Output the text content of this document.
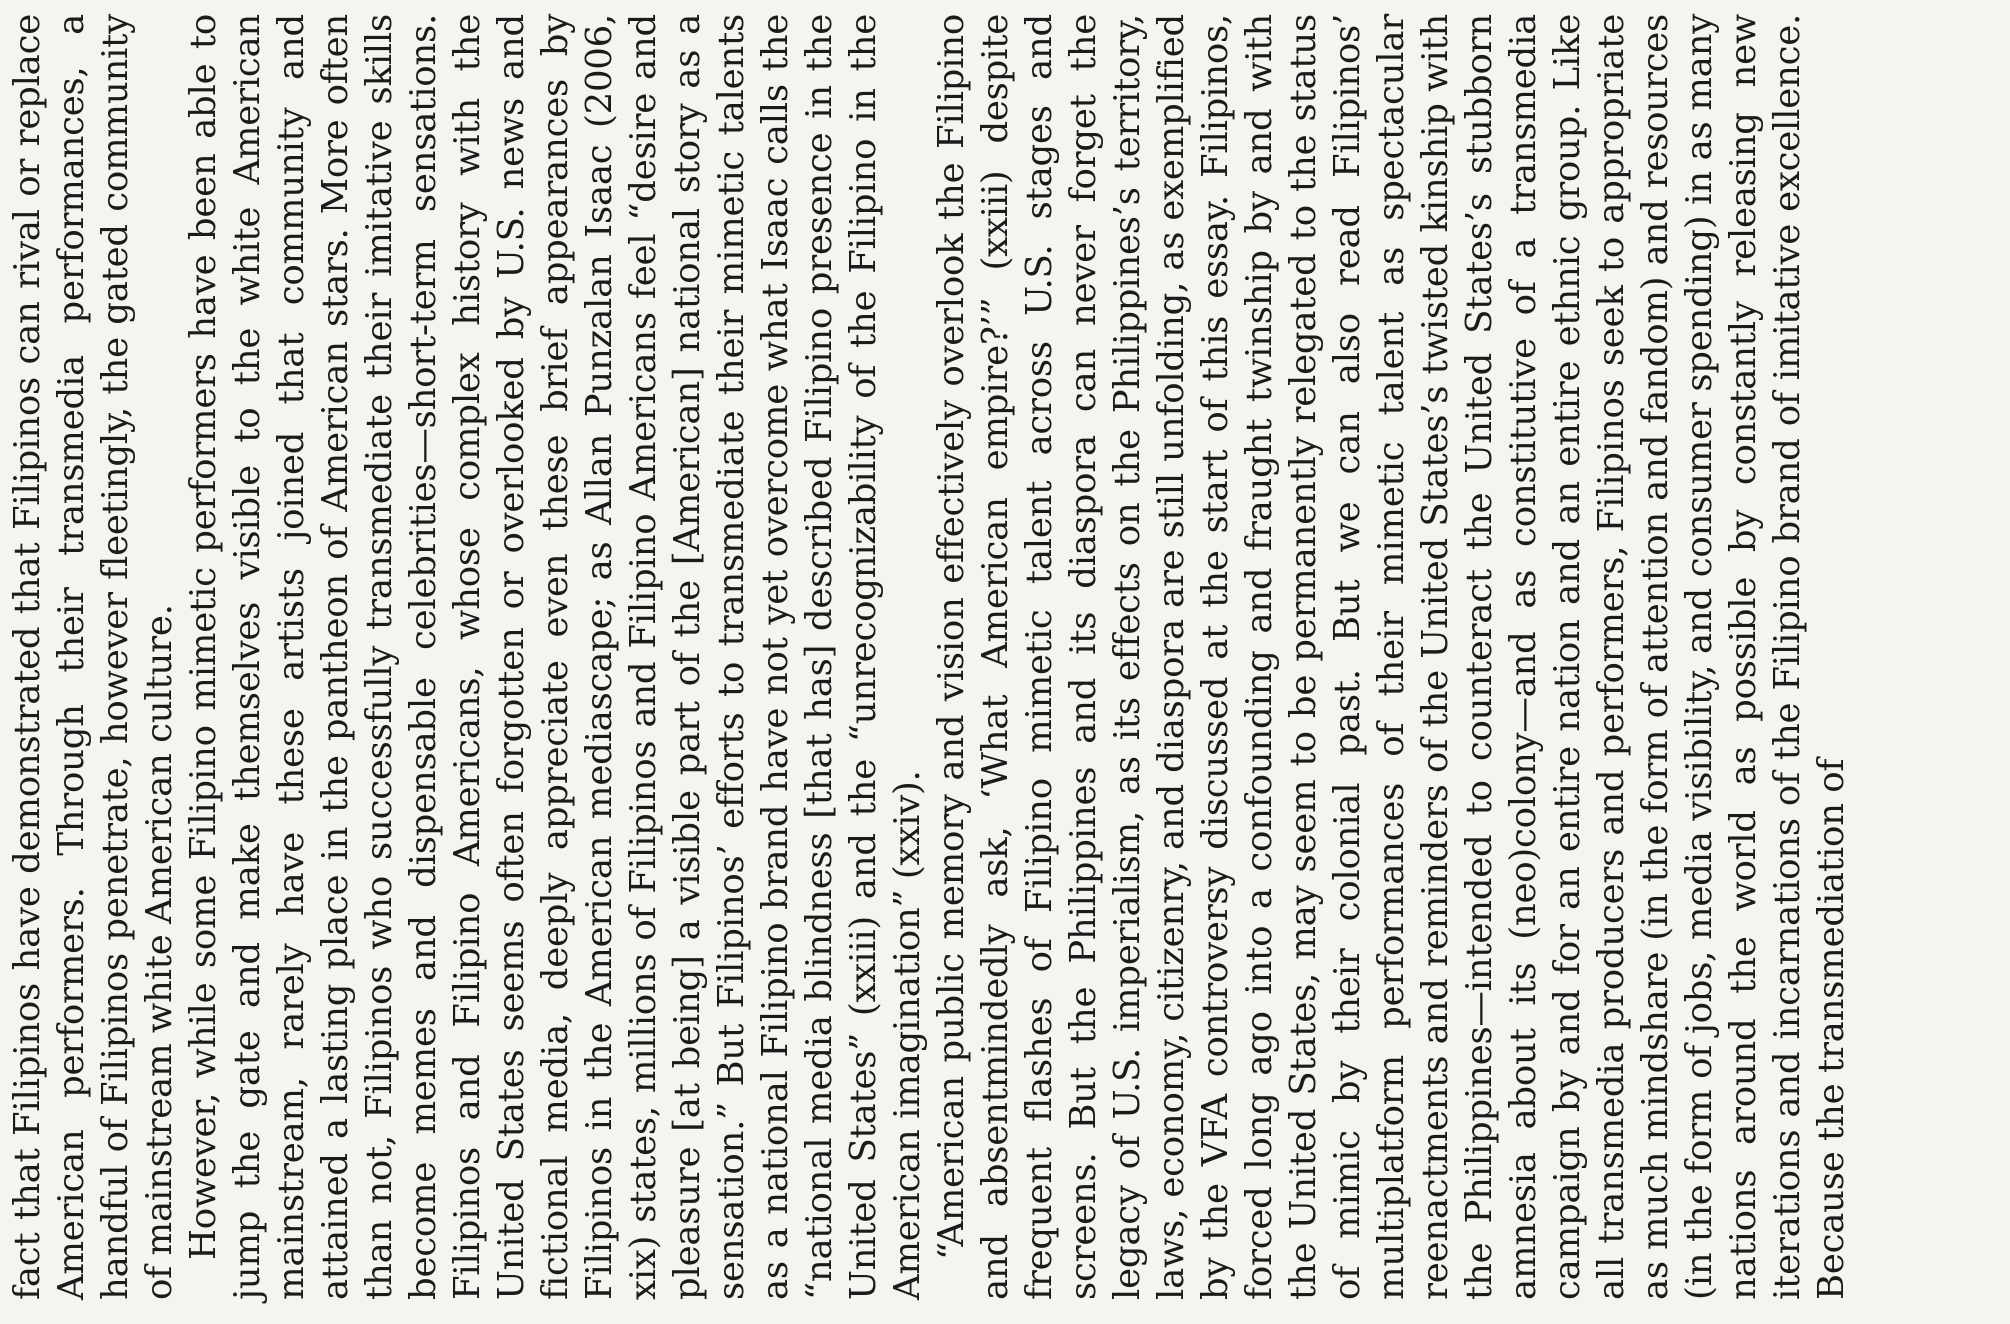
fact that Filipinos have demonstrated that Filipinos can rival or replace American performers. Through their transmedia performances, a handful of Filipinos penetrate, however fleetingly, the gated community of mainstream white American culture. However, while some Filipino mimetic performers have been able to jump the gate and make themselves visible to the white American mainstream, rarely have these artists joined that community and attained a lasting place in the pantheon of American stars. More often than not, Filipinos who successfully transmediate their imitative skills become memes and dispensable celebrities—short-term sensations. Filipinos and Filipino Americans, whose complex history with the United States seems often forgotten or overlooked by U.S. news and fictional media, deeply appreciate even these brief appearances by Filipinos in the American mediascape; as Allan Punzalan Isaac (2006, xix) states, millions of Filipinos and Filipino Americans feel “desire and pleasure [at being] a visible part of the [American] national story as a sensation.” But Filipinos’ efforts to transmediate their mimetic talents as a national Filipino brand have not yet overcome what Isaac calls the “national media blindness [that has] described Filipino presence in the United States” (xxiii) and the “unrecognizability of the Filipino in the American imagination” (xxiv). “American public memory and vision effectively overlook the Filipino and absentmindedly ask, ‘What American empire?’” (xxiii) despite frequent flashes of Filipino mimetic talent across U.S. stages and screens. But the Philippines and its diaspora can never forget the legacy of U.S. imperialism, as its effects on the Philippines’s territory, laws, economy, citizenry, and diaspora are still unfolding, as exemplified by the VFA controversy discussed at the start of this essay. Filipinos, forced long ago into a confounding and fraught twinship by and with the United States, may seem to be permanently relegated to the status of mimic by their colonial past. But we can also read Filipinos’ multiplatform performances of their mimetic talent as spectacular reenactments and reminders of the United States’s twisted kinship with the Philippines—intended to counteract the United States’s stubborn amnesia about its (neo)colony—and as constitutive of a transmedia campaign by and for an entire nation and an entire ethnic group. Like all transmedia producers and performers, Filipinos seek to appropriate as much mindshare (in the form of attention and fandom) and resources (in the form of jobs, media visibility, and consumer spending) in as many nations around the world as possible by constantly releasing new iterations and incarnations of the Filipino brand of imitative excellence. Because the transmediation of
